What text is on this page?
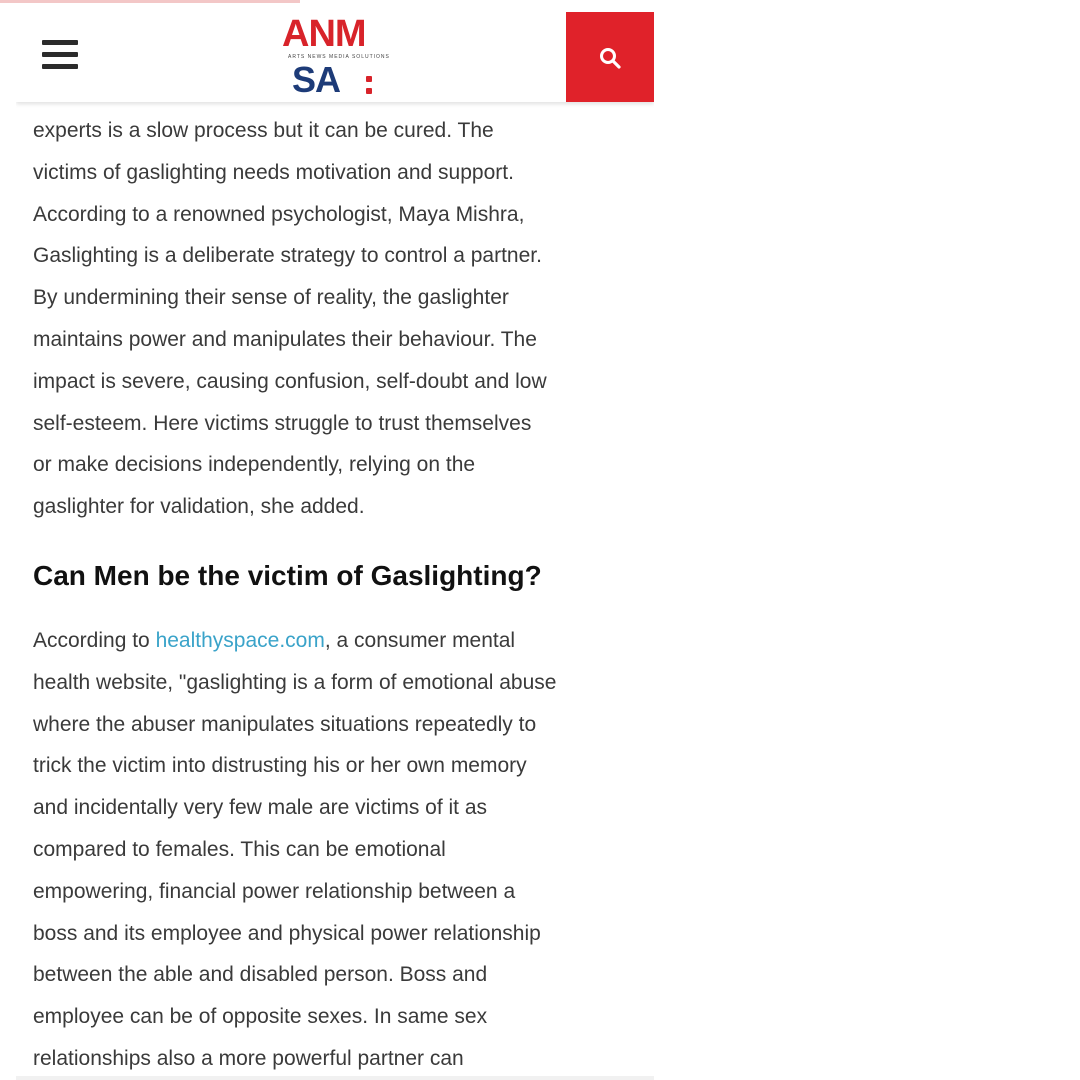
ANM
ARTS NEWS MEDIA SOLUTIONS
SA

experts is a slow process but it can be cured. The
victims of gaslighting needs motivation and support.
According to a renowned psychologist, Maya Mishra,
Gaslighting is a deliberate strategy to control a partner.
By undermining their sense of reality, the gaslighter
maintains power and manipulates their behaviour. The
impact is severe, causing confusion, self-doubt and low
self-esteem. Here victims struggle to trust themselves
or make decisions independently, relying on the
gaslighter for validation, she added.

Can Men be the victim of Gaslighting?

According to healthyspace.com, a consumer mental
health website, "gaslighting is a form of emotional abuse
where the abuser manipulates situations repeatedly to
trick the victim into distrusting his or her own memory
and incidentally very few male are victims of it as
compared to females. This can be emotional
empowering, financial power relationship between a
boss and its employee and physical power relationship
between the able and disabled person. Boss and
employee can be of opposite sexes. In same sex
relationships also a more powerful partner can
